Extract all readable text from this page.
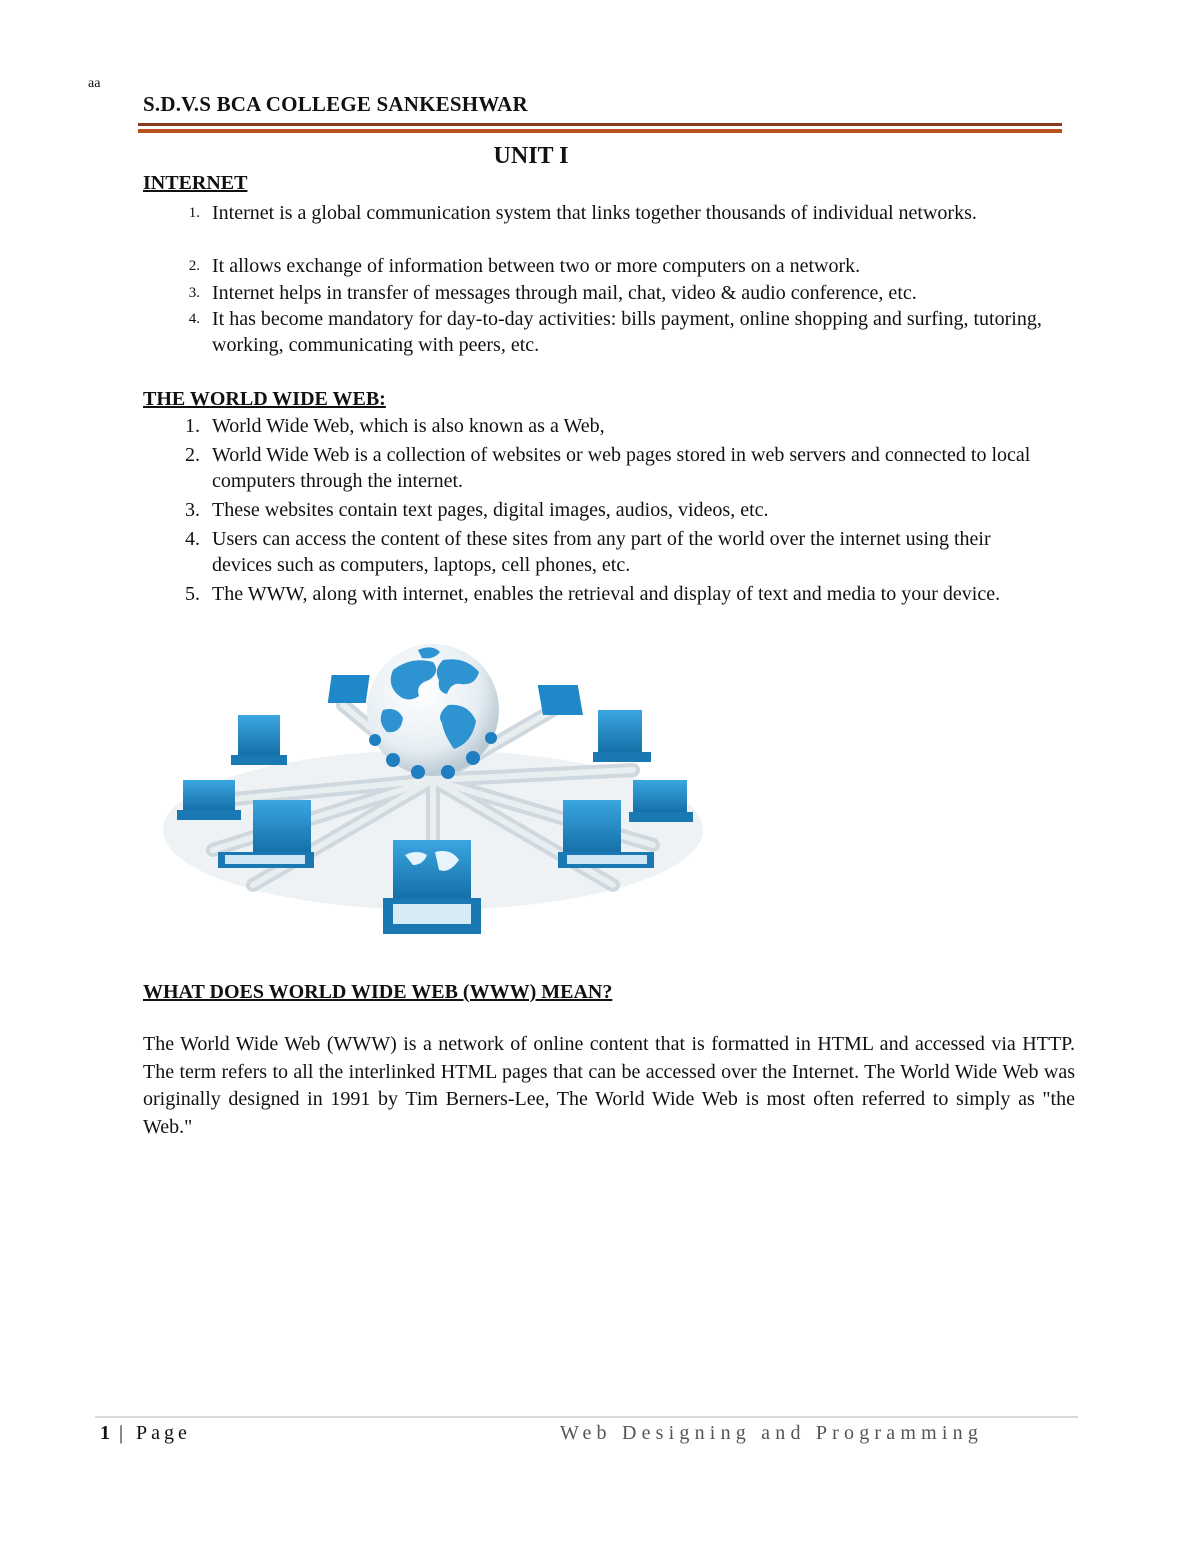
aa
S.D.V.S BCA COLLEGE SANKESHWAR
UNIT I
INTERNET
1. Internet is a global communication system that links together thousands of individual networks.
2. It allows exchange of information between two or more computers on a network.
3. Internet helps in transfer of messages through mail, chat, video & audio conference, etc.
4. It has become mandatory for day-to-day activities: bills payment, online shopping and surfing, tutoring, working, communicating with peers, etc.
THE WORLD WIDE WEB:
1. World Wide Web, which is also known as a Web,
2. World Wide Web is a collection of websites or web pages stored in web servers and connected to local computers through the internet.
3. These websites contain text pages, digital images, audios, videos, etc.
4. Users can access the content of these sites from any part of the world over the internet using their devices such as computers, laptops, cell phones, etc.
5. The WWW, along with internet, enables the retrieval and display of text and media to your device.
WHAT DOES WORLD WIDE WEB (WWW) MEAN?
The World Wide Web (WWW) is a network of online content that is formatted in HTML and accessed via HTTP. The term refers to all the interlinked HTML pages that can be accessed over the Internet. The World Wide Web was originally designed in 1991 by Tim Berners-Lee, The World Wide Web is most often referred to simply as "the Web."
1 | Page	Web Designing and Programming
